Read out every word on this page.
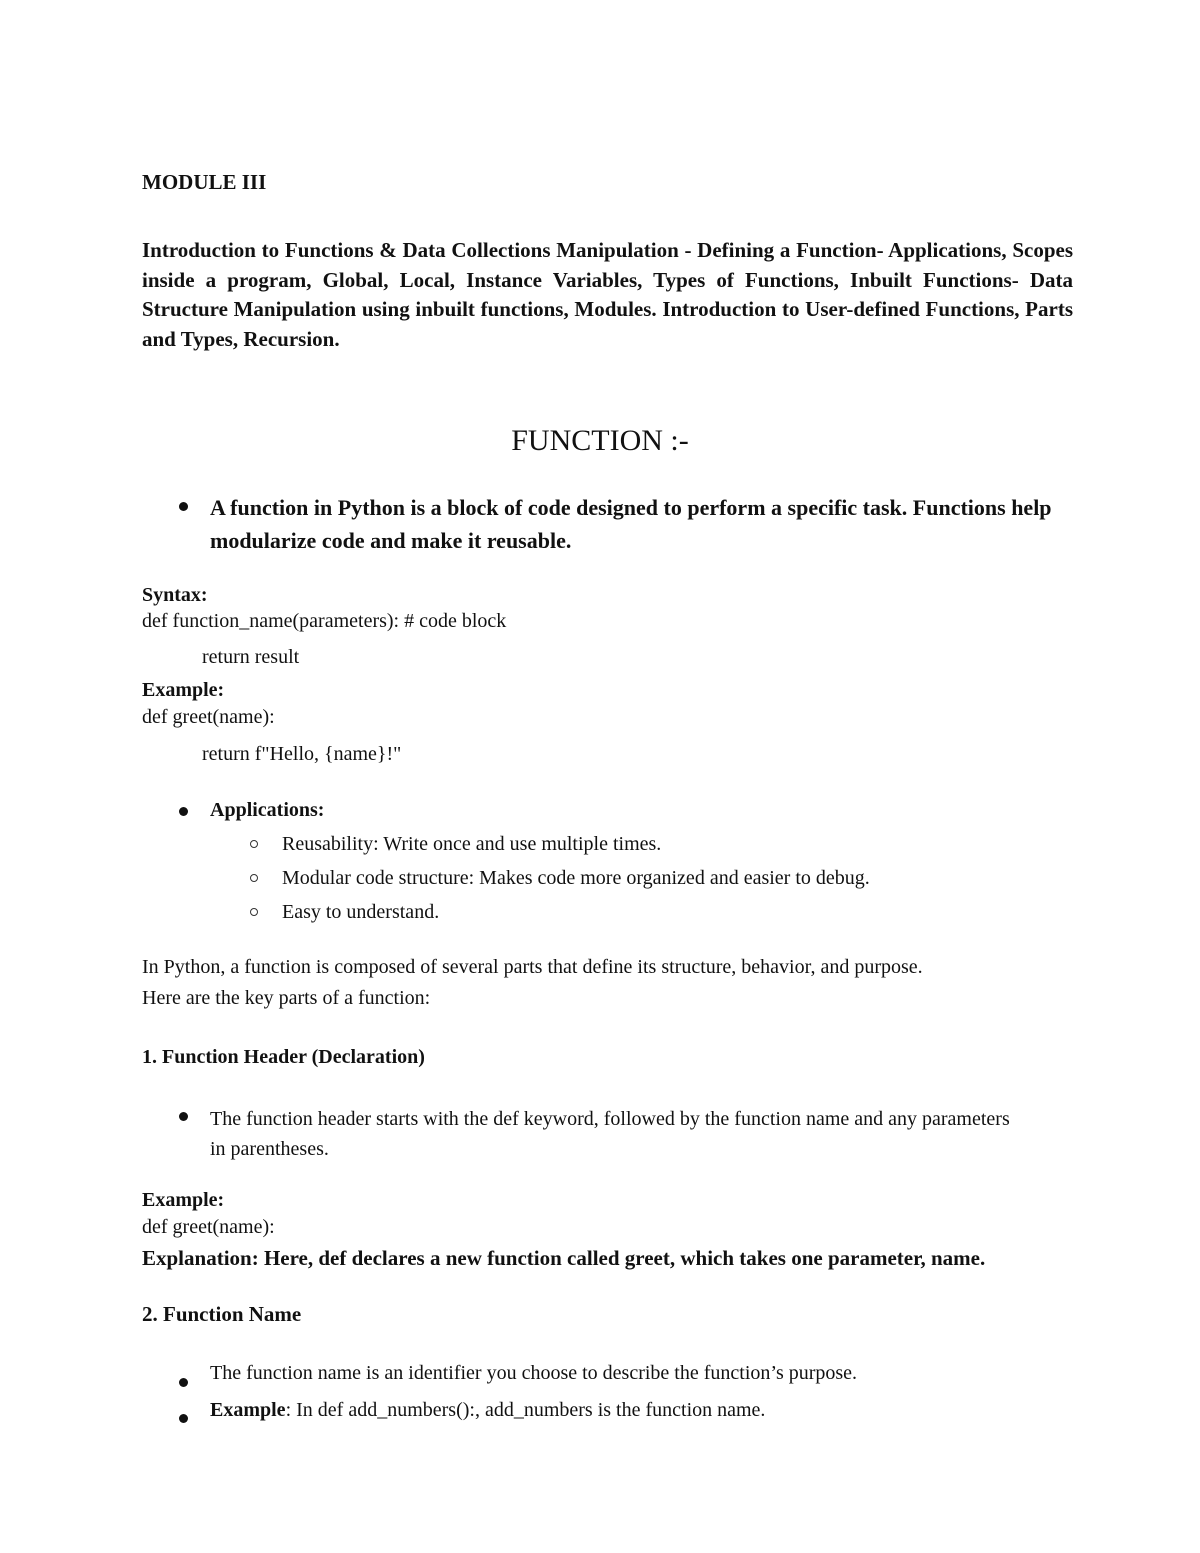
MODULE III

Introduction to Functions & Data Collections Manipulation - Defining a Function- Applications, Scopes inside a program, Global, Local, Instance Variables, Types of Functions, Inbuilt Functions- Data Structure Manipulation using inbuilt functions, Modules. Introduction to User-defined Functions, Parts and Types, Recursion.

FUNCTION :-

A function in Python is a block of code designed to perform a specific task. Functions help modularize code and make it reusable.

Syntax:
def function_name(parameters): # code block
return result
Example:
def greet(name):
return f"Hello, {name}!"
Applications:
Reusability: Write once and use multiple times.
Modular code structure: Makes code more organized and easier to debug.
Easy to understand.
In Python, a function is composed of several parts that define its structure, behavior, and purpose.
Here are the key parts of a function:
1. Function Header (Declaration)

The function header starts with the def keyword, followed by the function name and any parameters in parentheses.

Example:
def greet(name):

Explanation: Here, def declares a new function called greet, which takes one parameter, name.

2. Function Name
The function name is an identifier you choose to describe the function’s purpose.
Example: In def add_numbers():, add_numbers is the function name.
